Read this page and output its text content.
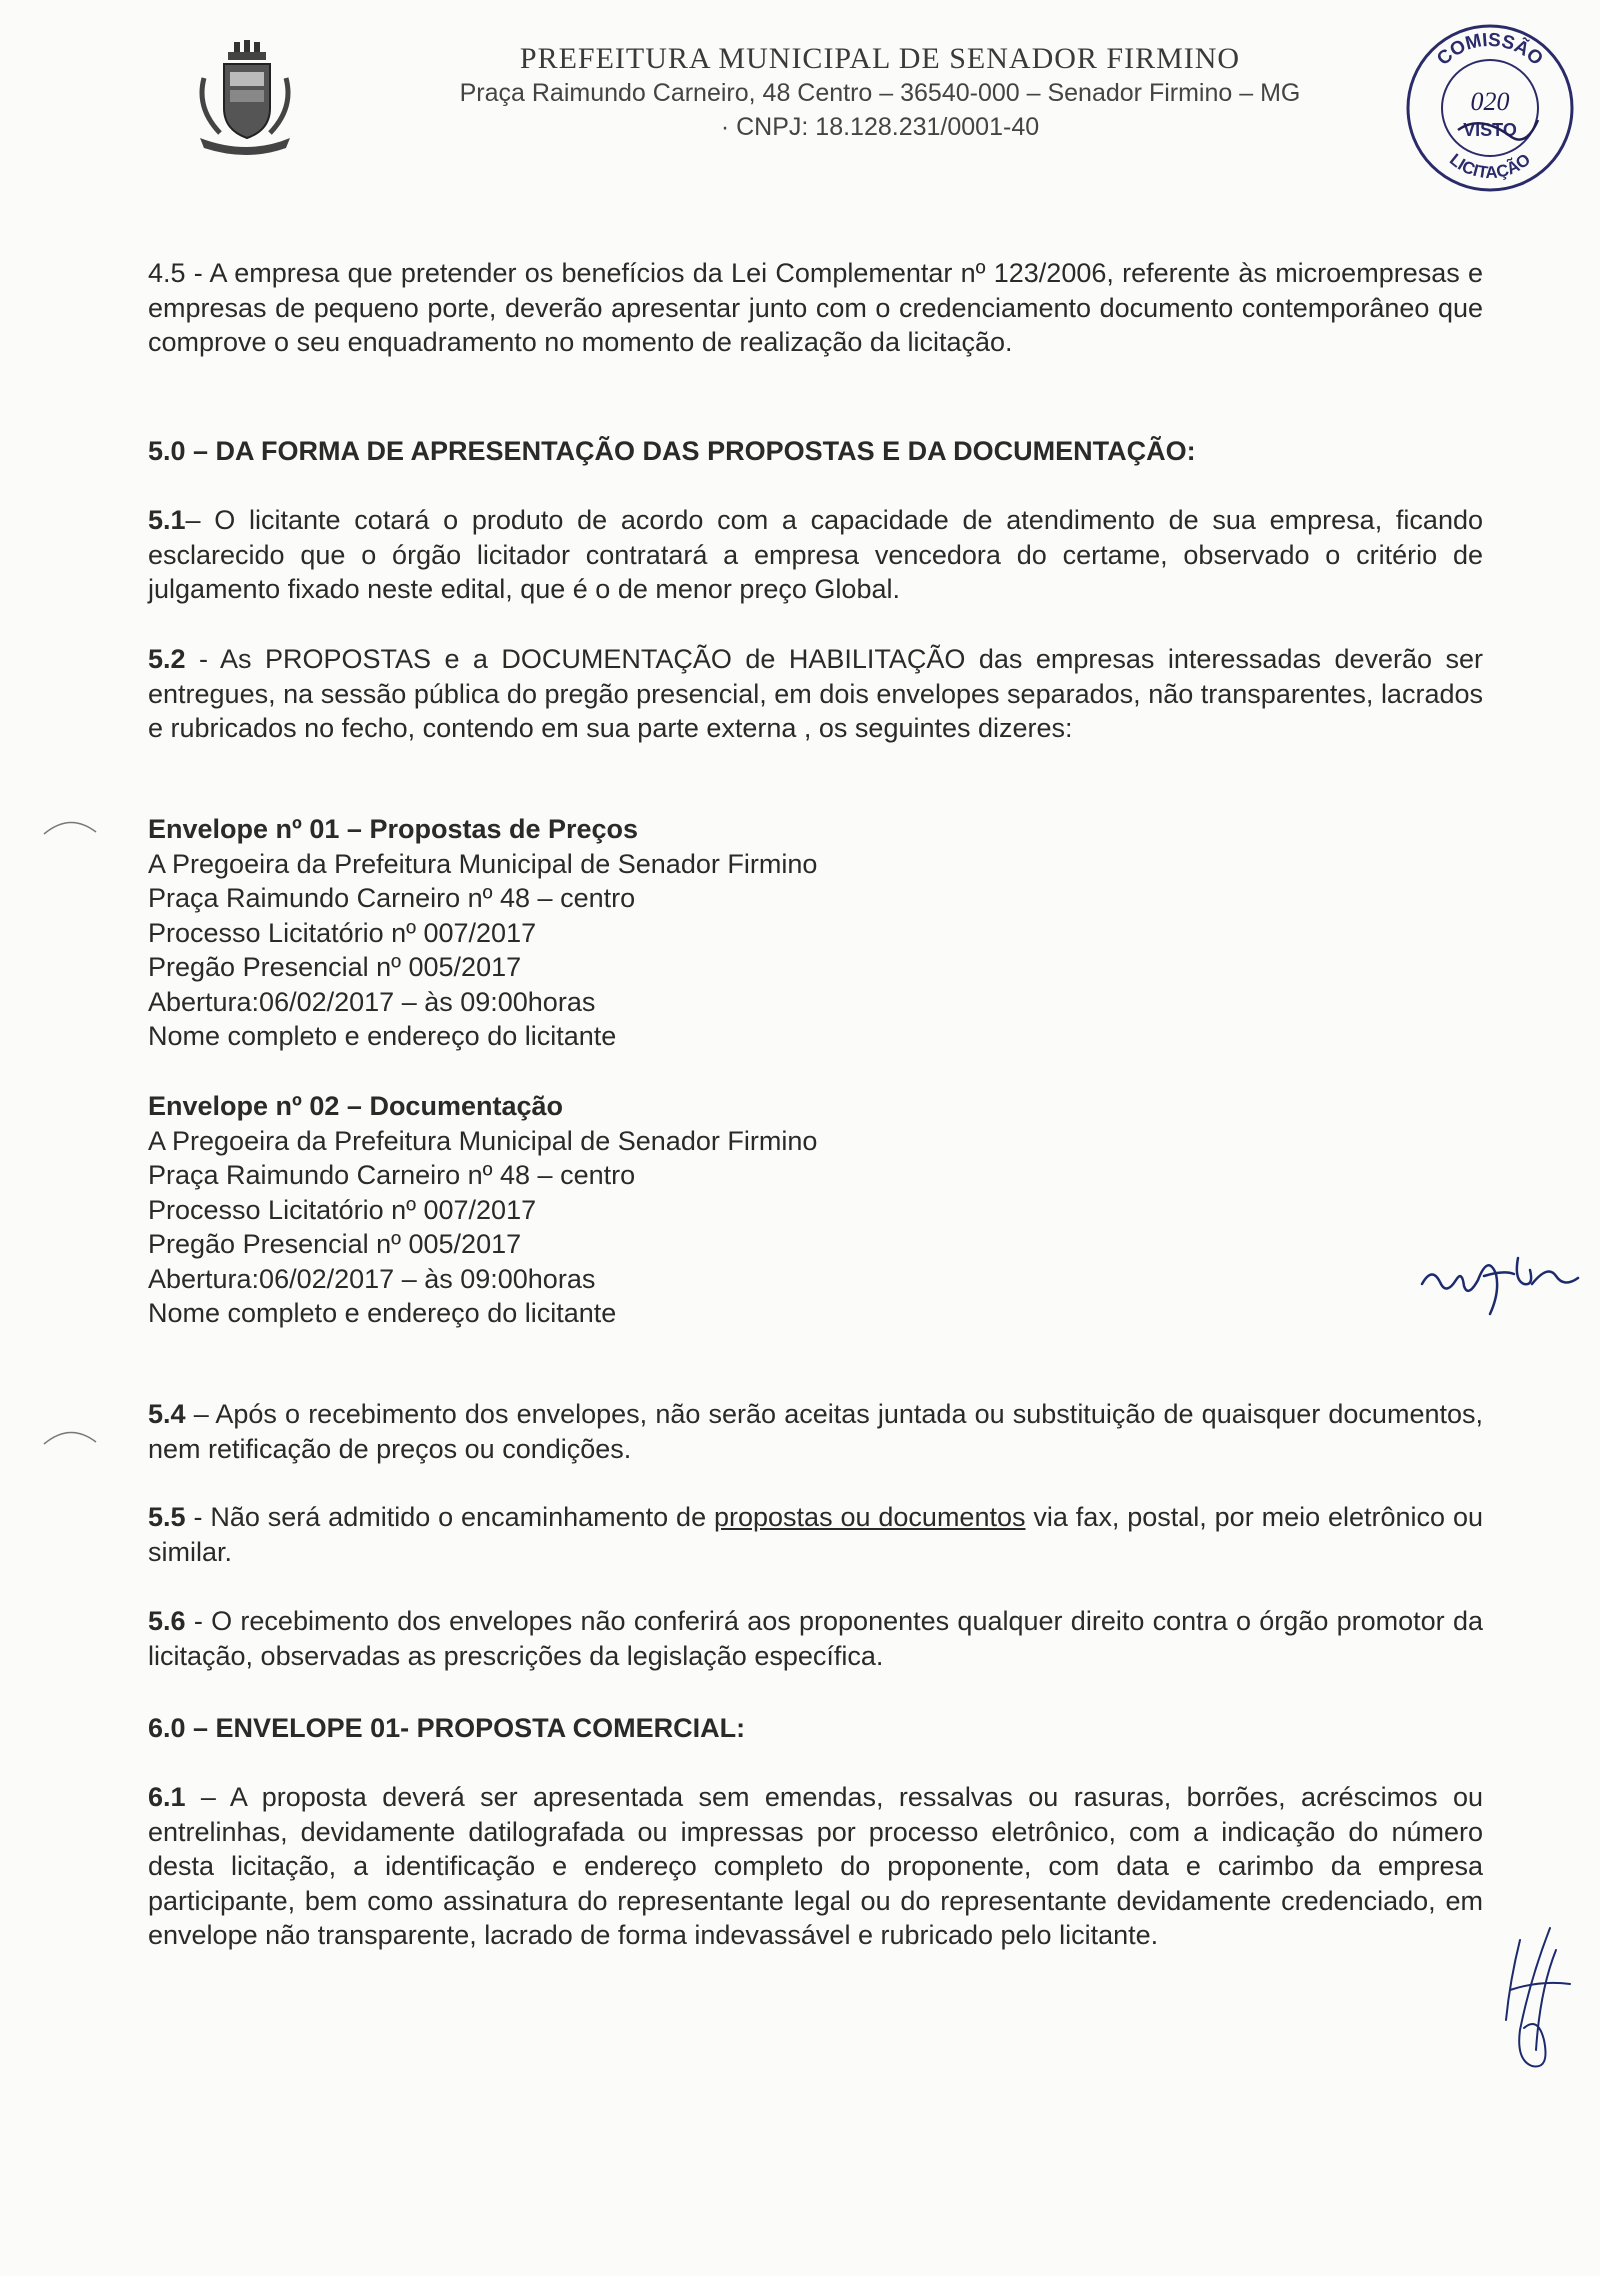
PREFEITURA MUNICIPAL DE SENADOR FIRMINO
Praça Raimundo Carneiro, 48 Centro – 36540-000 – Senador Firmino – MG
· CNPJ: 18.128.231/0001-40
COMISSÃO
LICITAÇÃO
020
VISTO
4.5 - A empresa que pretender os benefícios da Lei Complementar nº 123/2006, referente às microempresas e empresas de pequeno porte, deverão apresentar junto com o credenciamento documento contemporâneo que comprove o seu enquadramento no momento de realização da licitação.
5.0 – DA FORMA DE APRESENTAÇÃO DAS PROPOSTAS E DA DOCUMENTAÇÃO:
5.1– O licitante cotará o produto de acordo com a capacidade de atendimento de sua empresa, ficando esclarecido que o órgão licitador contratará a empresa vencedora do certame, observado o critério de julgamento fixado neste edital, que é o de menor preço Global.
5.2 - As PROPOSTAS e a DOCUMENTAÇÃO de HABILITAÇÃO das empresas interessadas deverão ser entregues, na sessão pública do pregão presencial, em dois envelopes separados, não transparentes, lacrados e rubricados no fecho, contendo em sua parte externa , os seguintes dizeres:
Envelope nº 01 – Propostas de Preços
A Pregoeira da Prefeitura Municipal de Senador Firmino
Praça Raimundo Carneiro nº 48 – centro
Processo Licitatório nº 007/2017
Pregão Presencial nº 005/2017
Abertura:06/02/2017 – às 09:00horas
Nome completo e endereço do licitante
Envelope nº 02 – Documentação
A Pregoeira da Prefeitura Municipal de Senador Firmino
Praça Raimundo Carneiro nº 48 – centro
Processo Licitatório nº 007/2017
Pregão Presencial nº 005/2017
Abertura:06/02/2017 – às 09:00horas
Nome completo e endereço do licitante
5.4 – Após o recebimento dos envelopes, não serão aceitas juntada ou substituição de quaisquer documentos, nem retificação de preços ou condições.
5.5 - Não será admitido o encaminhamento de propostas ou documentos via fax, postal, por meio eletrônico ou similar.
5.6 - O recebimento dos envelopes não conferirá aos proponentes qualquer direito contra o órgão promotor da licitação, observadas as prescrições da legislação específica.
6.0 – ENVELOPE 01- PROPOSTA COMERCIAL:
6.1 – A proposta deverá ser apresentada sem emendas, ressalvas ou rasuras, borrões, acréscimos ou entrelinhas, devidamente datilografada ou impressas por processo eletrônico, com a indicação do número desta licitação, a identificação e endereço completo do proponente, com data e carimbo da empresa participante, bem como assinatura do representante legal ou do representante devidamente credenciado, em envelope não transparente, lacrado de forma indevassável e rubricado pelo licitante.
